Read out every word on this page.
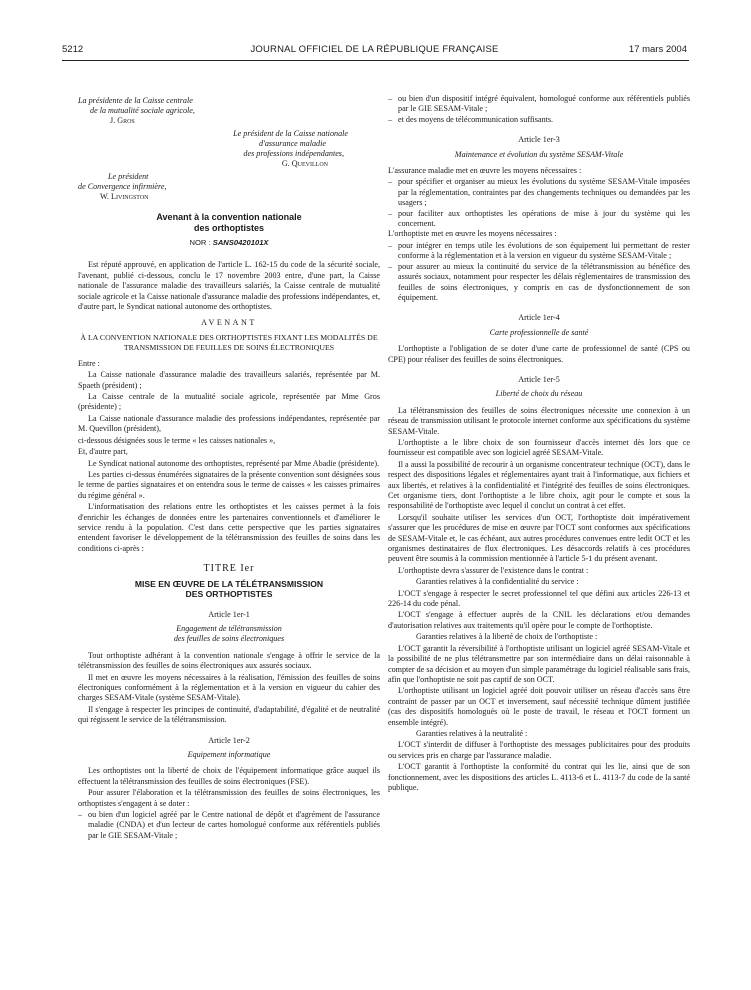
5212	JOURNAL OFFICIEL DE LA RÉPUBLIQUE FRANÇAISE	17 mars 2004
La présidente de la Caisse centrale
de la mutualité sociale agricole,
J. Gros
Le président de la Caisse nationale
d'assurance maladie
des professions indépendantes,
G. Quevillon
Le président
de Convergence infirmière,
W. Livingston
Avenant à la convention nationale
des orthoptistes
NOR : SANS0420101X

Est réputé approuvé, en application de l'article L. 162-15 du code de la sécurité sociale, l'avenant, publié ci-dessous, conclu le 17 novembre 2003 entre, d'une part, la Caisse nationale de l'assurance maladie des travailleurs salariés, la Caisse centrale de mutualité sociale agricole et la Caisse nationale d'assurance maladie des professions indépendantes, et, d'autre part, le Syndicat national autonome des orthoptistes.

AVENANT
À LA CONVENTION NATIONALE DES ORTHOPTISTES FIXANT LES MODALITÉS DE TRANSMISSION DE FEUILLES DE SOINS ÉLECTRONIQUES

Entre :

La Caisse nationale d'assurance maladie des travailleurs salariés, représentée par M. Spaeth (président) ;

La Caisse centrale de la mutualité sociale agricole, représentée par Mme Gros (présidente) ;

La Caisse nationale d'assurance maladie des professions indépendantes, représentée par M. Quevillon (président),

ci-dessous désignées sous le terme « les caisses nationales »,

Et, d'autre part,

Le Syndicat national autonome des orthoptistes, représenté par Mme Abadie (présidente).

Les parties ci-dessus énumérées signataires de la présente convention sont désignées sous le terme de parties signataires et on entendra sous le terme de caisses « les caisses primaires du régime général ».

L'informatisation des relations entre les orthoptistes et les caisses permet à la fois d'enrichir les échanges de données entre les partenaires conventionnels et d'améliorer le service rendu à la population. C'est dans cette perspective que les parties signataires entendent favoriser le développement de la télétransmission des feuilles de soins dans les conditions ci-après :

TITRE Ier
MISE EN ŒUVRE DE LA TÉLÉTRANSMISSION
DES ORTHOPTISTES
Article 1er-1
Engagement de télétransmission
des feuilles de soins électroniques

Tout orthoptiste adhérant à la convention nationale s'engage à offrir le service de la télétransmission des feuilles de soins électroniques aux assurés sociaux.

Il met en œuvre les moyens nécessaires à la réalisation, l'émission des feuilles de soins électroniques conformément à la réglementation et à la version en vigueur du cahier des charges SESAM-Vitale (système SESAM-Vitale).

Il s'engage à respecter les principes de continuité, d'adaptabilité, d'égalité et de neutralité qui régissent le service de la télétransmission.

Article 1er-2
Equipement informatique

Les orthoptistes ont la liberté de choix de l'équipement informatique grâce auquel ils effectuent la télétransmission des feuilles de soins électroniques (FSE).

Pour assurer l'élaboration et la télétransmission des feuilles de soins électroniques, les orthoptistes s'engagent à se doter :

– ou bien d'un logiciel agréé par le Centre national de dépôt et d'agrément de l'assurance maladie (CNDA) et d'un lecteur de cartes homologué conforme aux référentiels publiés par le GIE SESAM-Vitale ;
– ou bien d'un dispositif intégré équivalent, homologué conforme aux référentiels publiés par le GIE SESAM-Vitale ;
– et des moyens de télécommunication suffisants.
Article 1er-3
Maintenance et évolution du système SESAM-Vitale

L'assurance maladie met en œuvre les moyens nécessaires :

– pour spécifier et organiser au mieux les évolutions du système SESAM-Vitale imposées par la réglementation, contraintes par des changements techniques ou demandées par les usagers ;
– pour faciliter aux orthoptistes les opérations de mise à jour du système qui les concernent.

L'orthoptiste met en œuvre les moyens nécessaires :

– pour intégrer en temps utile les évolutions de son équipement lui permettant de rester conforme à la réglementation et à la version en vigueur du système SESAM-Vitale ;
– pour assurer au mieux la continuité du service de la télétransmission au bénéfice des assurés sociaux, notamment pour respecter les délais réglementaires de transmission des feuilles de soins électroniques, y compris en cas de dysfonctionnement de son équipement.
Article 1er-4
Carte professionnelle de santé

L'orthoptiste a l'obligation de se doter d'une carte de professionnel de santé (CPS ou CPE) pour réaliser des feuilles de soins électroniques.

Article 1er-5
Liberté de choix du réseau

La télétransmission des feuilles de soins électroniques nécessite une connexion à un réseau de transmission utilisant le protocole internet conforme aux spécifications du système SESAM-Vitale.

L'orthoptiste a le libre choix de son fournisseur d'accès internet dès lors que ce fournisseur est compatible avec son logiciel agréé SESAM-Vitale.

Il a aussi la possibilité de recourir à un organisme concentrateur technique (OCT), dans le respect des dispositions légales et réglementaires ayant trait à l'informatique, aux fichiers et aux libertés, et relatives à la confidentialité et l'intégrité des feuilles de soins électroniques. Cet organisme tiers, dont l'orthoptiste a le libre choix, agit pour le compte et sous la responsabilité de l'orthoptiste avec lequel il conclut un contrat à cet effet.

Lorsqu'il souhaite utiliser les services d'un OCT, l'orthoptiste doit impérativement s'assurer que les procédures de mise en œuvre par l'OCT sont conformes aux spécifications de SESAM-Vitale et, le cas échéant, aux autres procédures convenues entre ledit OCT et les organismes destinataires de flux électroniques. Les désaccords relatifs à ces procédures peuvent être soumis à la commission mentionnée à l'article 5-1 du présent avenant.

L'orthoptiste devra s'assurer de l'existence dans le contrat :

Garanties relatives à la confidentialité du service :

L'OCT s'engage à respecter le secret professionnel tel que défini aux articles 226-13 et 226-14 du code pénal.

L'OCT s'engage à effectuer auprès de la CNIL les déclarations et/ou demandes d'autorisation relatives aux traitements qu'il opère pour le compte de l'orthoptiste.

Garanties relatives à la liberté de choix de l'orthoptiste :

L'OCT garantit la réversibilité à l'orthoptiste utilisant un logiciel agréé SESAM-Vitale et la possibilité de ne plus télétransmettre par son intermédiaire dans un délai raisonnable à compter de sa décision et au moyen d'un simple paramétrage du logiciel réalisable sans frais, afin que l'orthoptiste ne soit pas captif de son OCT.

L'orthoptiste utilisant un logiciel agréé doit pouvoir utiliser un réseau d'accès sans être contraint de passer par un OCT et inversement, sauf nécessité technique dûment justifiée (cas des dispositifs homologués où le poste de travail, le réseau et l'OCT forment un ensemble intégré).

Garanties relatives à la neutralité :

L'OCT s'interdit de diffuser à l'orthoptiste des messages publicitaires pour des produits ou services pris en charge par l'assurance maladie.

L'OCT garantit à l'orthoptiste la conformité du contrat qui les lie, ainsi que de son fonctionnement, avec les dispositions des articles L. 4113-6 et L. 4113-7 du code de la santé publique.
